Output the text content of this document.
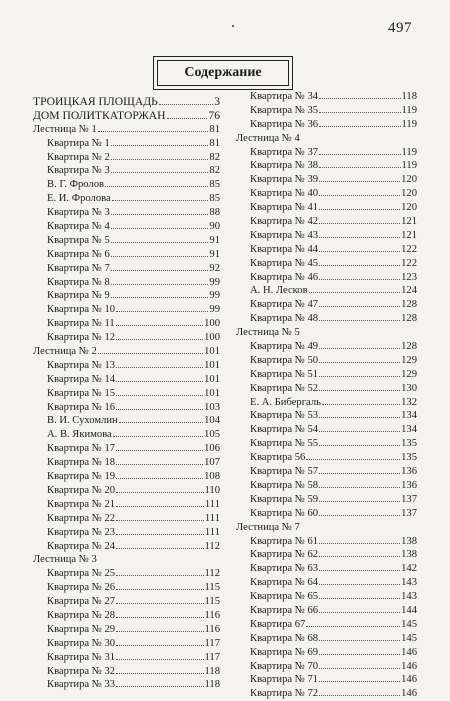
497
Содержание
ТРОИЦКАЯ ПЛОЩАДЬ	3
ДОМ ПОЛИТКАТОРЖАН	76
Лестница № 1	81
Квартира № 1	81
Квартира № 2	82
Квартира № 3	82
В. Г. Фролов	85
Е. И. Фролова	85
Квартира № 3	88
Квартира № 4	90
Квартира № 5	91
Квартира № 6	91
Квартира № 7	92
Квартира № 8	99
Квартира № 9	99
Квартира № 10	99
Квартира № 11	100
Квартира № 12	100
Лестница № 2	101
Квартира № 13	101
Квартира № 14	101
Квартира № 15	101
Квартира № 16	103
В. И. Сухомлин	104
А. В. Якимова	105
Квартира № 17	106
Квартира № 18	107
Квартира № 19	108
Квартира № 20	110
Квартира № 21	111
Квартира № 22	111
Квартира № 23	111
Квартира № 24	112
Лестница № 3
Квартира № 25	112
Квартира № 26	115
Квартира № 27	115
Квартира № 28	116
Квартира № 29	116
Квартира № 30	117
Квартира № 31	117
Квартира № 32	118
Квартира № 33	118
Квартира № 34	118
Квартира № 35	119
Квартира № 36	119
Лестница № 4
Квартира № 37	119
Квартира № 38	119
Квартира № 39	120
Квартира № 40	120
Квартира № 41	120
Квартира № 42	121
Квартира № 43	121
Квартира № 44	122
Квартира № 45	122
Квартира № 46	123
А. Н. Лесков	124
Квартира № 47	128
Квартира № 48	128
Лестница № 5
Квартира № 49	128
Квартира № 50	129
Квартира № 51	129
Квартира № 52	130
Е. А. Бибергаль	132
Квартира № 53	134
Квартира № 54	134
Квартира № 55	135
Квартира 56	135
Квартира № 57	136
Квартира № 58	136
Квартира № 59	137
Квартира № 60	137
Лестница № 7
Квартира № 61	138
Квартира № 62	138
Квартира № 63	142
Квартира № 64	143
Квартира № 65	143
Квартира № 66	144
Квартира 67	145
Квартира № 68	145
Квартира № 69	146
Квартира № 70	146
Квартира № 71	146
Квартира № 72	146
